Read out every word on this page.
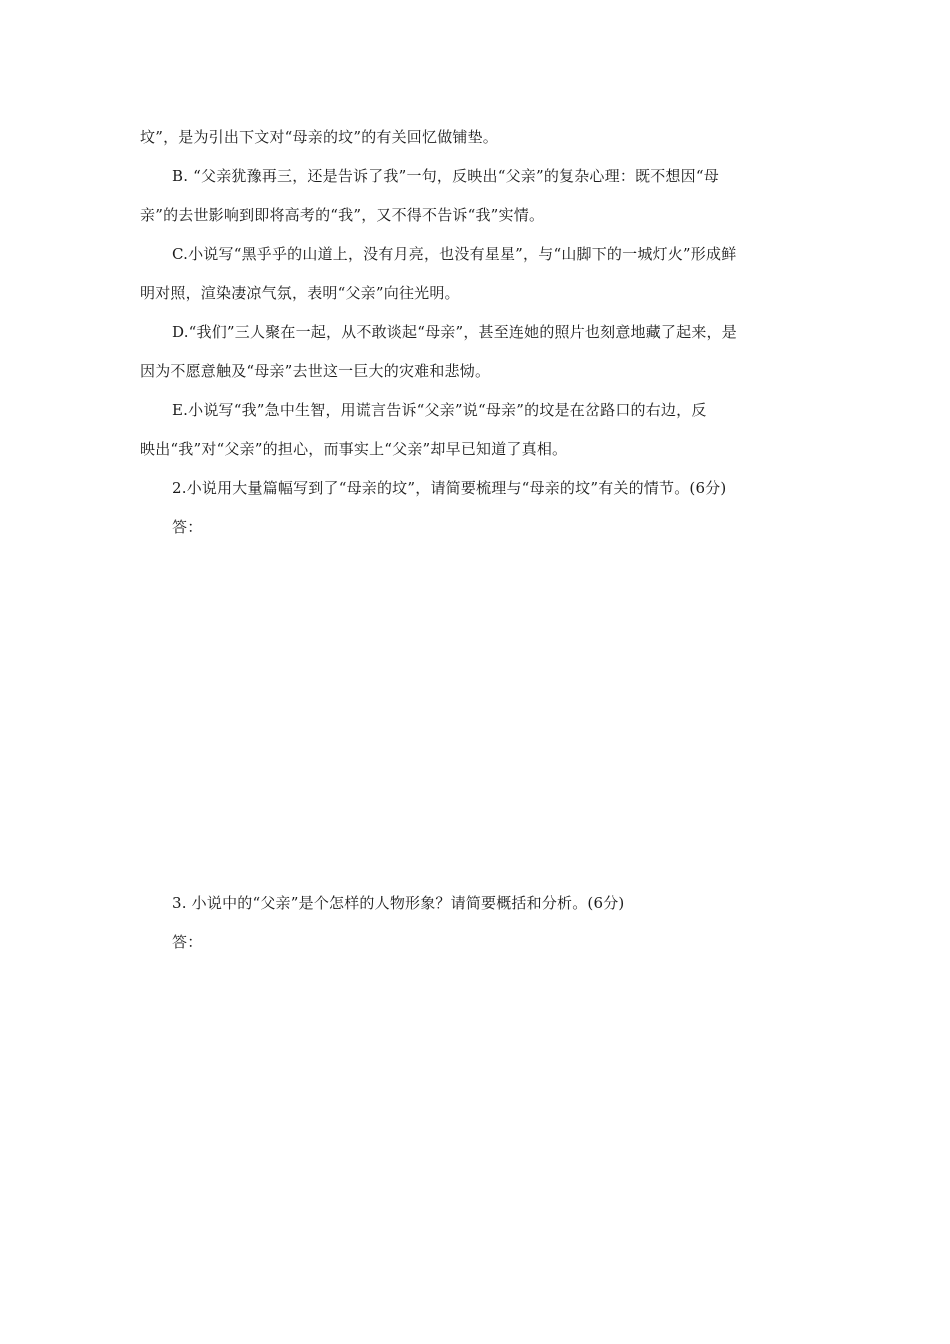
坟”，是为引出下文对“母亲的坟”的有关回忆做铺垫。
B. “父亲犹豫再三，还是告诉了我”一句，反映出“父亲”的复杂心理：既不想因“母
亲”的去世影响到即将高考的“我”，又不得不告诉“我”实情。
C.小说写“黑乎乎的山道上，没有月亮，也没有星星”，与“山脚下的一城灯火”形成鲜
明对照，渲染凄凉气氛，表明“父亲”向往光明。
D.“我们”三人聚在一起，从不敢谈起“母亲”，甚至连她的照片也刻意地藏了起来，是
因为不愿意触及“母亲”去世这一巨大的灾难和悲恸。
E.小说写“我”急中生智，用谎言告诉“父亲”说“母亲”的坟是在岔路口的右边，反
映出“我”对“父亲”的担心，而事实上“父亲”却早已知道了真相。
2.小说用大量篇幅写到了“母亲的坟”，请简要梳理与“母亲的坟”有关的情节。(6分)
答：
3. 小说中的“父亲”是个怎样的人物形象？请简要概括和分析。(6分)
答：
